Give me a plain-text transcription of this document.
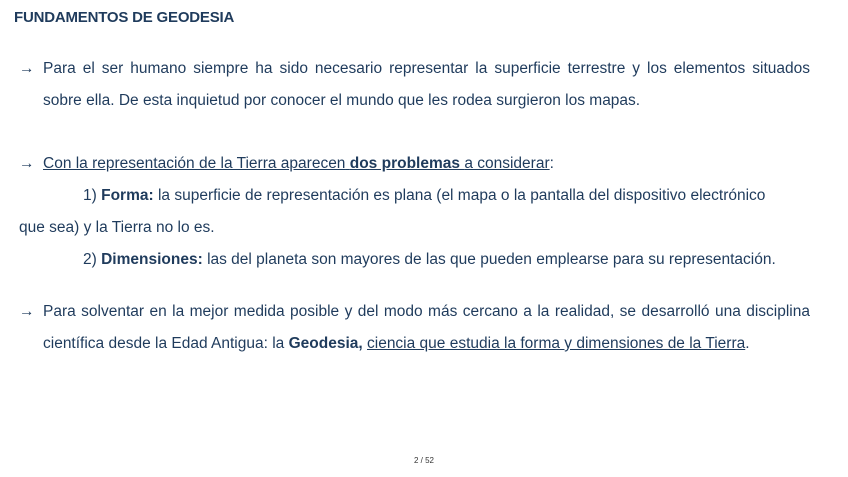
FUNDAMENTOS DE GEODESIA
→ Para el ser humano siempre ha sido necesario representar la superficie terrestre y los elementos situados sobre ella. De esta inquietud por conocer el mundo que les rodea surgieron los mapas.
→ Con la representación de la Tierra aparecen dos problemas a considerar:
1) Forma: la superficie de representación es plana (el mapa o la pantalla del dispositivo electrónico
que sea) y la Tierra no lo es.
2) Dimensiones: las del planeta son mayores de las que pueden emplearse para su representación.
→ Para solventar en la mejor medida posible y del modo más cercano a la realidad, se desarrolló una disciplina científica desde la Edad Antigua: la Geodesia, ciencia que estudia la forma y dimensiones de la Tierra.
2 / 52
